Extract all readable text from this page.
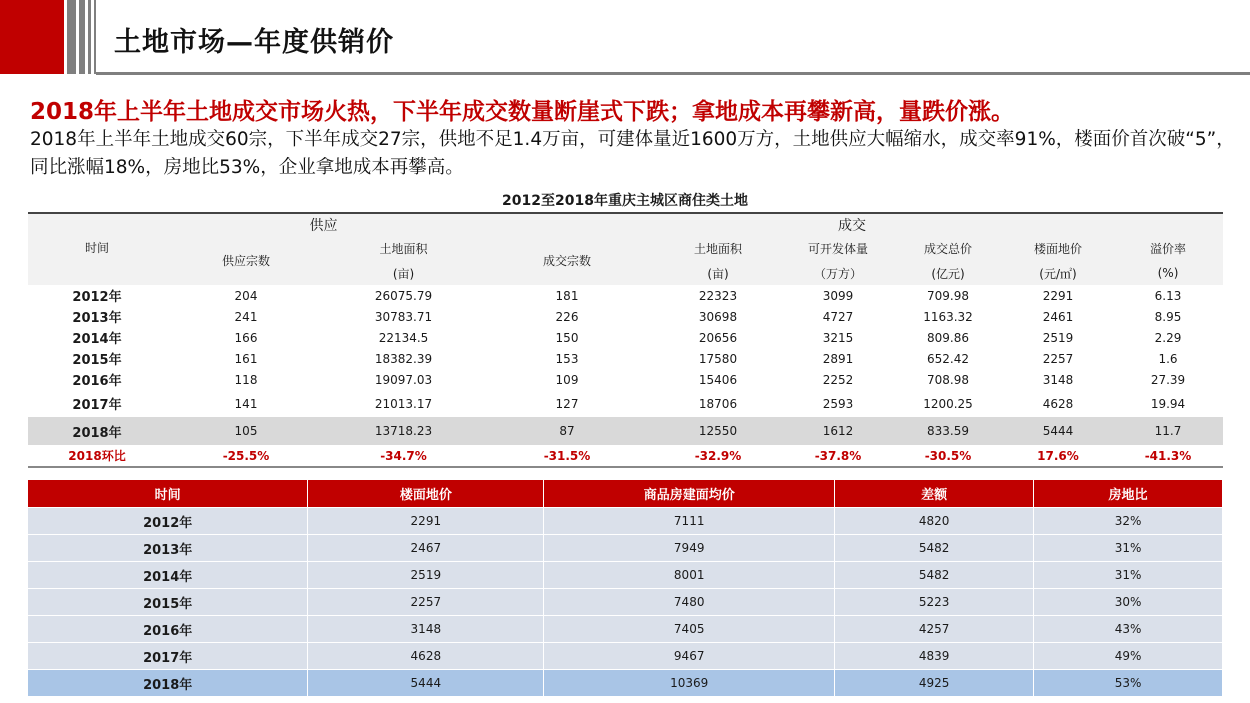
土地市场—年度供销价
2018年上半年土地成交市场火热，下半年成交数量断崖式下跌；拿地成本再攀新高，量跌价涨。
2018年上半年土地成交60宗，下半年成交27宗，供地不足1.4万亩，可建体量近1600万方，土地供应大幅缩水，成交率91%，楼面价首次破“5”，同比涨幅18%，房地比53%，企业拿地成本再攀高。
2012至2018年重庆主城区商住类土地
	供应		成交					
时间	供应宗数	土地面积	成交宗数	土地面积	可开发体量	成交总价	楼面地价	溢价率
		(亩)		(亩)	（万方）	(亿元)	(元/㎡)	(%)
2012年	204	26075.79	181	22323	3099	709.98	2291	6.13
2013年	241	30783.71	226	30698	4727	1163.32	2461	8.95
2014年	166	22134.5	150	20656	3215	809.86	2519	2.29
2015年	161	18382.39	153	17580	2891	652.42	2257	1.6
2016年	118	19097.03	109	15406	2252	708.98	3148	27.39
2017年	141	21013.17	127	18706	2593	1200.25	4628	19.94
2018年	105	13718.23	87	12550	1612	833.59	5444	11.7
2018环比	-25.5%	-34.7%	-31.5%	-32.9%	-37.8%	-30.5%	17.6%	-41.3%
时间	楼面地价	商品房建面均价	差额	房地比
2012年	2291	7111	4820	32%
2013年	2467	7949	5482	31%
2014年	2519	8001	5482	31%
2015年	2257	7480	5223	30%
2016年	3148	7405	4257	43%
2017年	4628	9467	4839	49%
2018年	5444	10369	4925	53%
